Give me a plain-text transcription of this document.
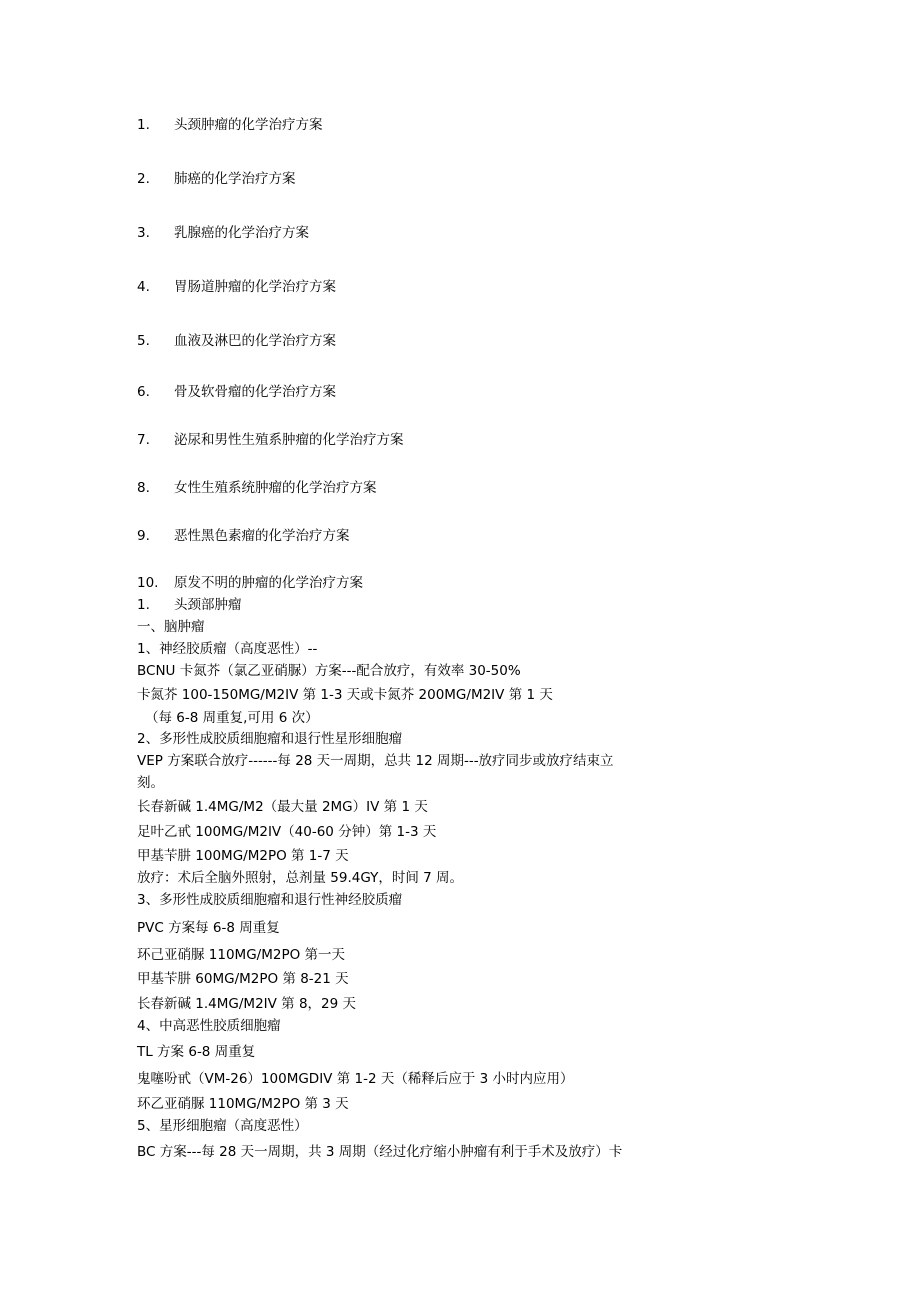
1. 头颈肿瘤的化学治疗方案
2. 肺癌的化学治疗方案
3. 乳腺癌的化学治疗方案
4. 胃肠道肿瘤的化学治疗方案
5. 血液及淋巴的化学治疗方案
6. 骨及软骨瘤的化学治疗方案
7. 泌尿和男性生殖系肿瘤的化学治疗方案
8. 女性生殖系统肿瘤的化学治疗方案
9. 恶性黑色素瘤的化学治疗方案
10. 原发不明的肿瘤的化学治疗方案
1. 头颈部肿瘤
一、脑肿瘤
1、神经胶质瘤（高度恶性）--
BCNU 卡氮芥（氯乙亚硝脲）方案---配合放疗，有效率 30-50%
卡氮芥 100-150MG/M2IV 第 1-3 天或卡氮芥 200MG/M2IV 第 1 天
（每 6-8 周重复,可用 6 次）
2、多形性成胶质细胞瘤和退行性星形细胞瘤
VEP 方案联合放疗------每 28 天一周期，总共 12 周期---放疗同步或放疗结束立
刻。
长春新碱 1.4MG/M2（最大量 2MG）IV 第 1 天
足叶乙甙 100MG/M2IV（40-60 分钟）第 1-3 天
甲基苄肼 100MG/M2PO 第 1-7 天
放疗：术后全脑外照射，总剂量 59.4GY，时间 7 周。
3、多形性成胶质细胞瘤和退行性神经胶质瘤
PVC 方案每 6-8 周重复
环己亚硝脲 110MG/M2PO 第一天
甲基苄肼 60MG/M2PO 第 8-21 天
长春新碱 1.4MG/M2IV 第 8，29 天
4、中高恶性胶质细胞瘤
TL 方案 6-8 周重复
鬼噻吩甙（VM-26）100MGDIV 第 1-2 天（稀释后应于 3 小时内应用）
环乙亚硝脲 110MG/M2PO 第 3 天
5、星形细胞瘤（高度恶性）
BC 方案---每 28 天一周期，共 3 周期（经过化疗缩小肿瘤有利于手术及放疗）卡
